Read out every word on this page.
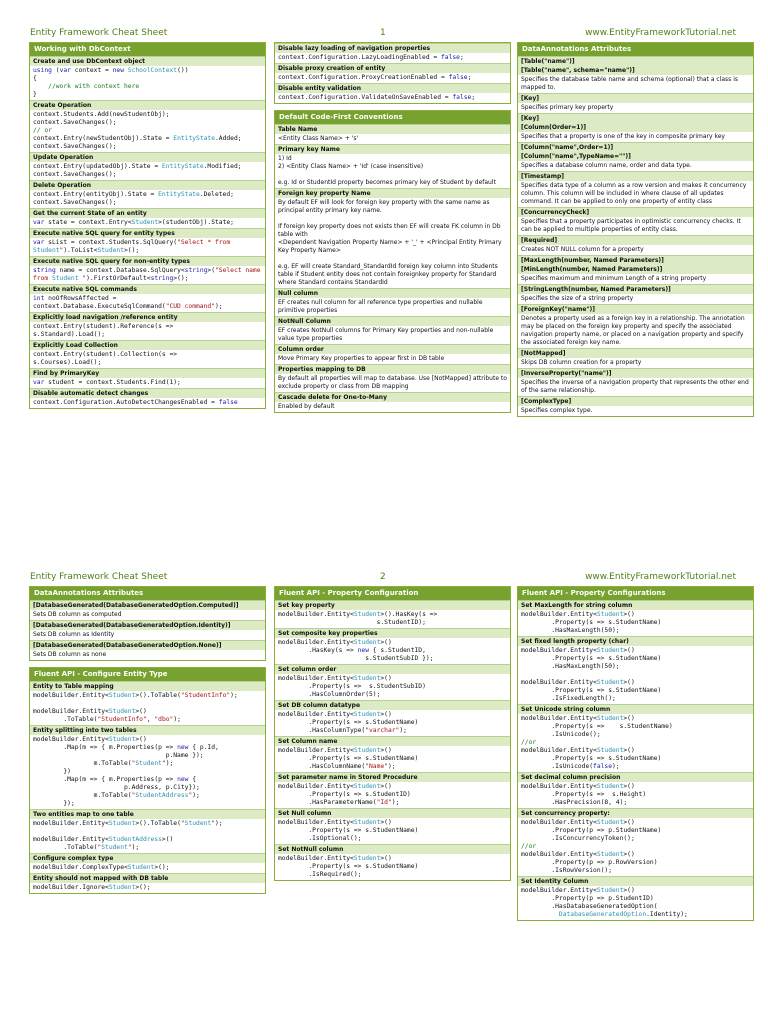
Entity Framework Cheat Sheet	1	www.EntityFrameworkTutorial.net
Working with DbContext
Create and use DbContext object
using (var context = new SchoolContext())
{
//work with context here
}
Create Operation
context.Students.Add(newStudentObj);
context.SaveChanges();
// or
context.Entry(newStudentObj).State = EntityState.Added;
context.SaveChanges();
Update Operation
context.Entry(updatedObj).State = EntityState.Modified;
context.SaveChanges();
Delete Operation
context.Entry(entityObj).State = EntityState.Deleted;
context.SaveChanges();
Get the current State of an entity
var state = context.Entry<Student>(studentObj).State;
Execute native SQL query for entity types
var sList = context.Students.SqlQuery("Select * from Student").ToList<Student>();
Execute native SQL query for non-entity types
string name = context.Database.SqlQuery<string>("Select name from Student ").FirstOrDefault<string>();
Execute native SQL commands
int noOfRowsAffected =
context.Database.ExecuteSqlCommand("CUD command");
Explicitly load navigation /reference entity
context.Entry(student).Reference(s =>
s.Standard).Load();
Explicitly Load Collection
context.Entry(student).Collection(s =>
s.Courses).Load();
Find by PrimaryKey
var student = context.Students.Find(1);
Disable automatic detect changes
context.Configuration.AutoDetectChangesEnabled = false
Disable lazy loading of navigation properties
context.Configuration.LazyLoadingEnabled = false;
Disable proxy creation of entity
context.Configuration.ProxyCreationEnabled = false;
Disable entity validation
context.Configuration.ValidateOnSaveEnabled = false;
Default Code-First Conventions
Table Name
<Entity Class Name> + 's'
Primary key Name
1) Id
2) <Entity Class Name> + 'Id' (case insensitive)

e.g. Id or StudentId property becomes primary key of Student by default
Foreign key property Name
By default EF will look for foreign key property with the same name as principal entity primary key name.

If foreign key property does not exists then EF will create FK column in Db table with
<Dependent Navigation Property Name> + '_' + <Principal Entity Primary Key Property Name>

e.g. EF will create Standard_StandardId foreign key column into Students table if Student entity does not contain foreignkey property for Standard where Standard contains StandardId
Null column
EF creates null column for all reference type properties and nullable primitive properties
NotNull Column
EF creates NotNull columns for Primary Key properties and non-nullable value type properties
Column order
Move Primary Key properties to appear first in DB table
Properties mapping to DB
By default all properties will map to database. Use [NotMapped] attribute to exclude property or class from DB mapping
Cascade delete for One-to-Many
Enabled by default
DataAnnotations Attributes
[Table("name")]
[Table("name", schema="name")]
Specifies the database table name and schema (optional) that a class is mapped to.
[Key]
Specifies primary key property
[Key]
[Column(Order=1)]
Specifies that a property is one of the key in composite primary key
[Column("name",Order=1)]
[Column("name",TypeName="")]
Specifies a database column name, order and data type.
[Timestamp]
Specifies data type of a column as a row version and makes it concurrency column. This column will be included in where clause of all updates command. It can be applied to only one property of entity class
[ConcurrencyCheck]
Specifies that a property participates in optimistic concurrency checks. It can be applied to multiple properties of entity class.
[Required]
Creates NOT NULL column for a property
[MaxLength(number, Named Parameters)]
[MinLength(number, Named Parameters)]
Specifies maximum and minimum Length of a string property
[StringLength(number, Named Parameters)]
Specifies the size of a string property
[ForeignKey("name")]
Denotes a property used as a foreign key in a relationship. The annotation may be placed on the foreign key property and specify the associated navigation property name, or placed on a navigation property and specify the associated foreign key name.
[NotMapped]
Skips DB column creation for a property
[InverseProperty("name")]
Specifies the inverse of a navigation property that represents the other end of the same relationship.
[ComplexType]
Specifies complex type.
Entity Framework Cheat Sheet	2	www.EntityFrameworkTutorial.net
DataAnnotations Attributes
[DatabaseGenerated(DatabaseGeneratedOption.Computed)]
Sets DB column as computed
[DatabaseGenerated(DatabaseGeneratedOption.Identity)]
Sets DB column as Identity
[DatabaseGenerated(DatabaseGeneratedOption.None)]
Sets DB column as none
Fluent API - Configure Entity Type
Entity to Table mapping
modelBuilder.Entity<Student>().ToTable("StudentInfo");

modelBuilder.Entity<Student>()
.ToTable("StudentInfo", "dbo");
Entity splitting into two tables
modelBuilder.Entity<Student>()
.Map(m => { m.Properties(p => new { p.Id,
p.Name });
m.ToTable("Student");
})
.Map(m => { m.Properties(p => new {
p.Address, p.City});
m.ToTable("StudentAddress");
});
Two entities map to one table
modelBuilder.Entity<Student>().ToTable("Student");

modelBuilder.Entity<StudentAddress>()
.ToTable("Student");
Configure complex type
modelBuilder.ComplexType<Student>();
Entity should not mapped with DB table
modelBuilder.Ignore<Student>();
Fluent API - Property Configuration
Set key property
modelBuilder.Entity<Student>().HasKey(s =>
s.StudentID);
Set composite key properties
modelBuilder.Entity<Student>()
.HasKey(s => new { s.StudentID,
s.StudentSubID });
Set column order
modelBuilder.Entity<Student>()
.Property(s =>  s.StudentSubID)
.HasColumnOrder(5);
Set DB column datatype
modelBuilder.Entity<Student>()
.Property(s => s.StudentName)
.HasColumnType("varchar");
Set Column name
modelBuilder.Entity<Student>()
.Property(s => s.StudentName)
.HasColumnName("Name");
Set parameter name in Stored Procedure
modelBuilder.Entity<Student>()
.Property(s => s.StudentID)
.HasParameterName("Id");
Set Null column
modelBuilder.Entity<Student>()
.Property(s => s.StudentName)
.IsOptional();
Set NotNull column
modelBuilder.Entity<Student>()
.Property(s => s.StudentName)
.IsRequired();
Fluent API - Property Configurations
Set MaxLength for string column
modelBuilder.Entity<Student>()
.Property(s => s.StudentName)
.HasMaxLength(50);
Set fixed length property (char)
modelBuilder.Entity<Student>()
.Property(s => s.StudentName)
.HasMaxLength(50);

modelBuilder.Entity<Student>()
.Property(s => s.StudentName)
.IsFixedLength();
Set Unicode string column
modelBuilder.Entity<Student>()
.Property(s =>    s.StudentName)
.IsUnicode();
//or
modelBuilder.Entity<Student>()
.Property(s => s.StudentName)
.IsUnicode(false);
Set decimal column precision
modelBuilder.Entity<Student>()
.Property(s =>  s.Height)
.HasPrecision(8, 4);
Set concurrency property:
modelBuilder.Entity<Student>()
.Property(p => p.StudentName)
.IsConcurrencyToken();
//or
modelBuilder.Entity<Student>()
.Property(p => p.RowVersion)
.IsRowVersion();
Set Identity Column
modelBuilder.Entity<Student>()
.Property(p => p.StudentID)
.HasDatabaseGeneratedOption(
DatabaseGeneratedOption.Identity);
